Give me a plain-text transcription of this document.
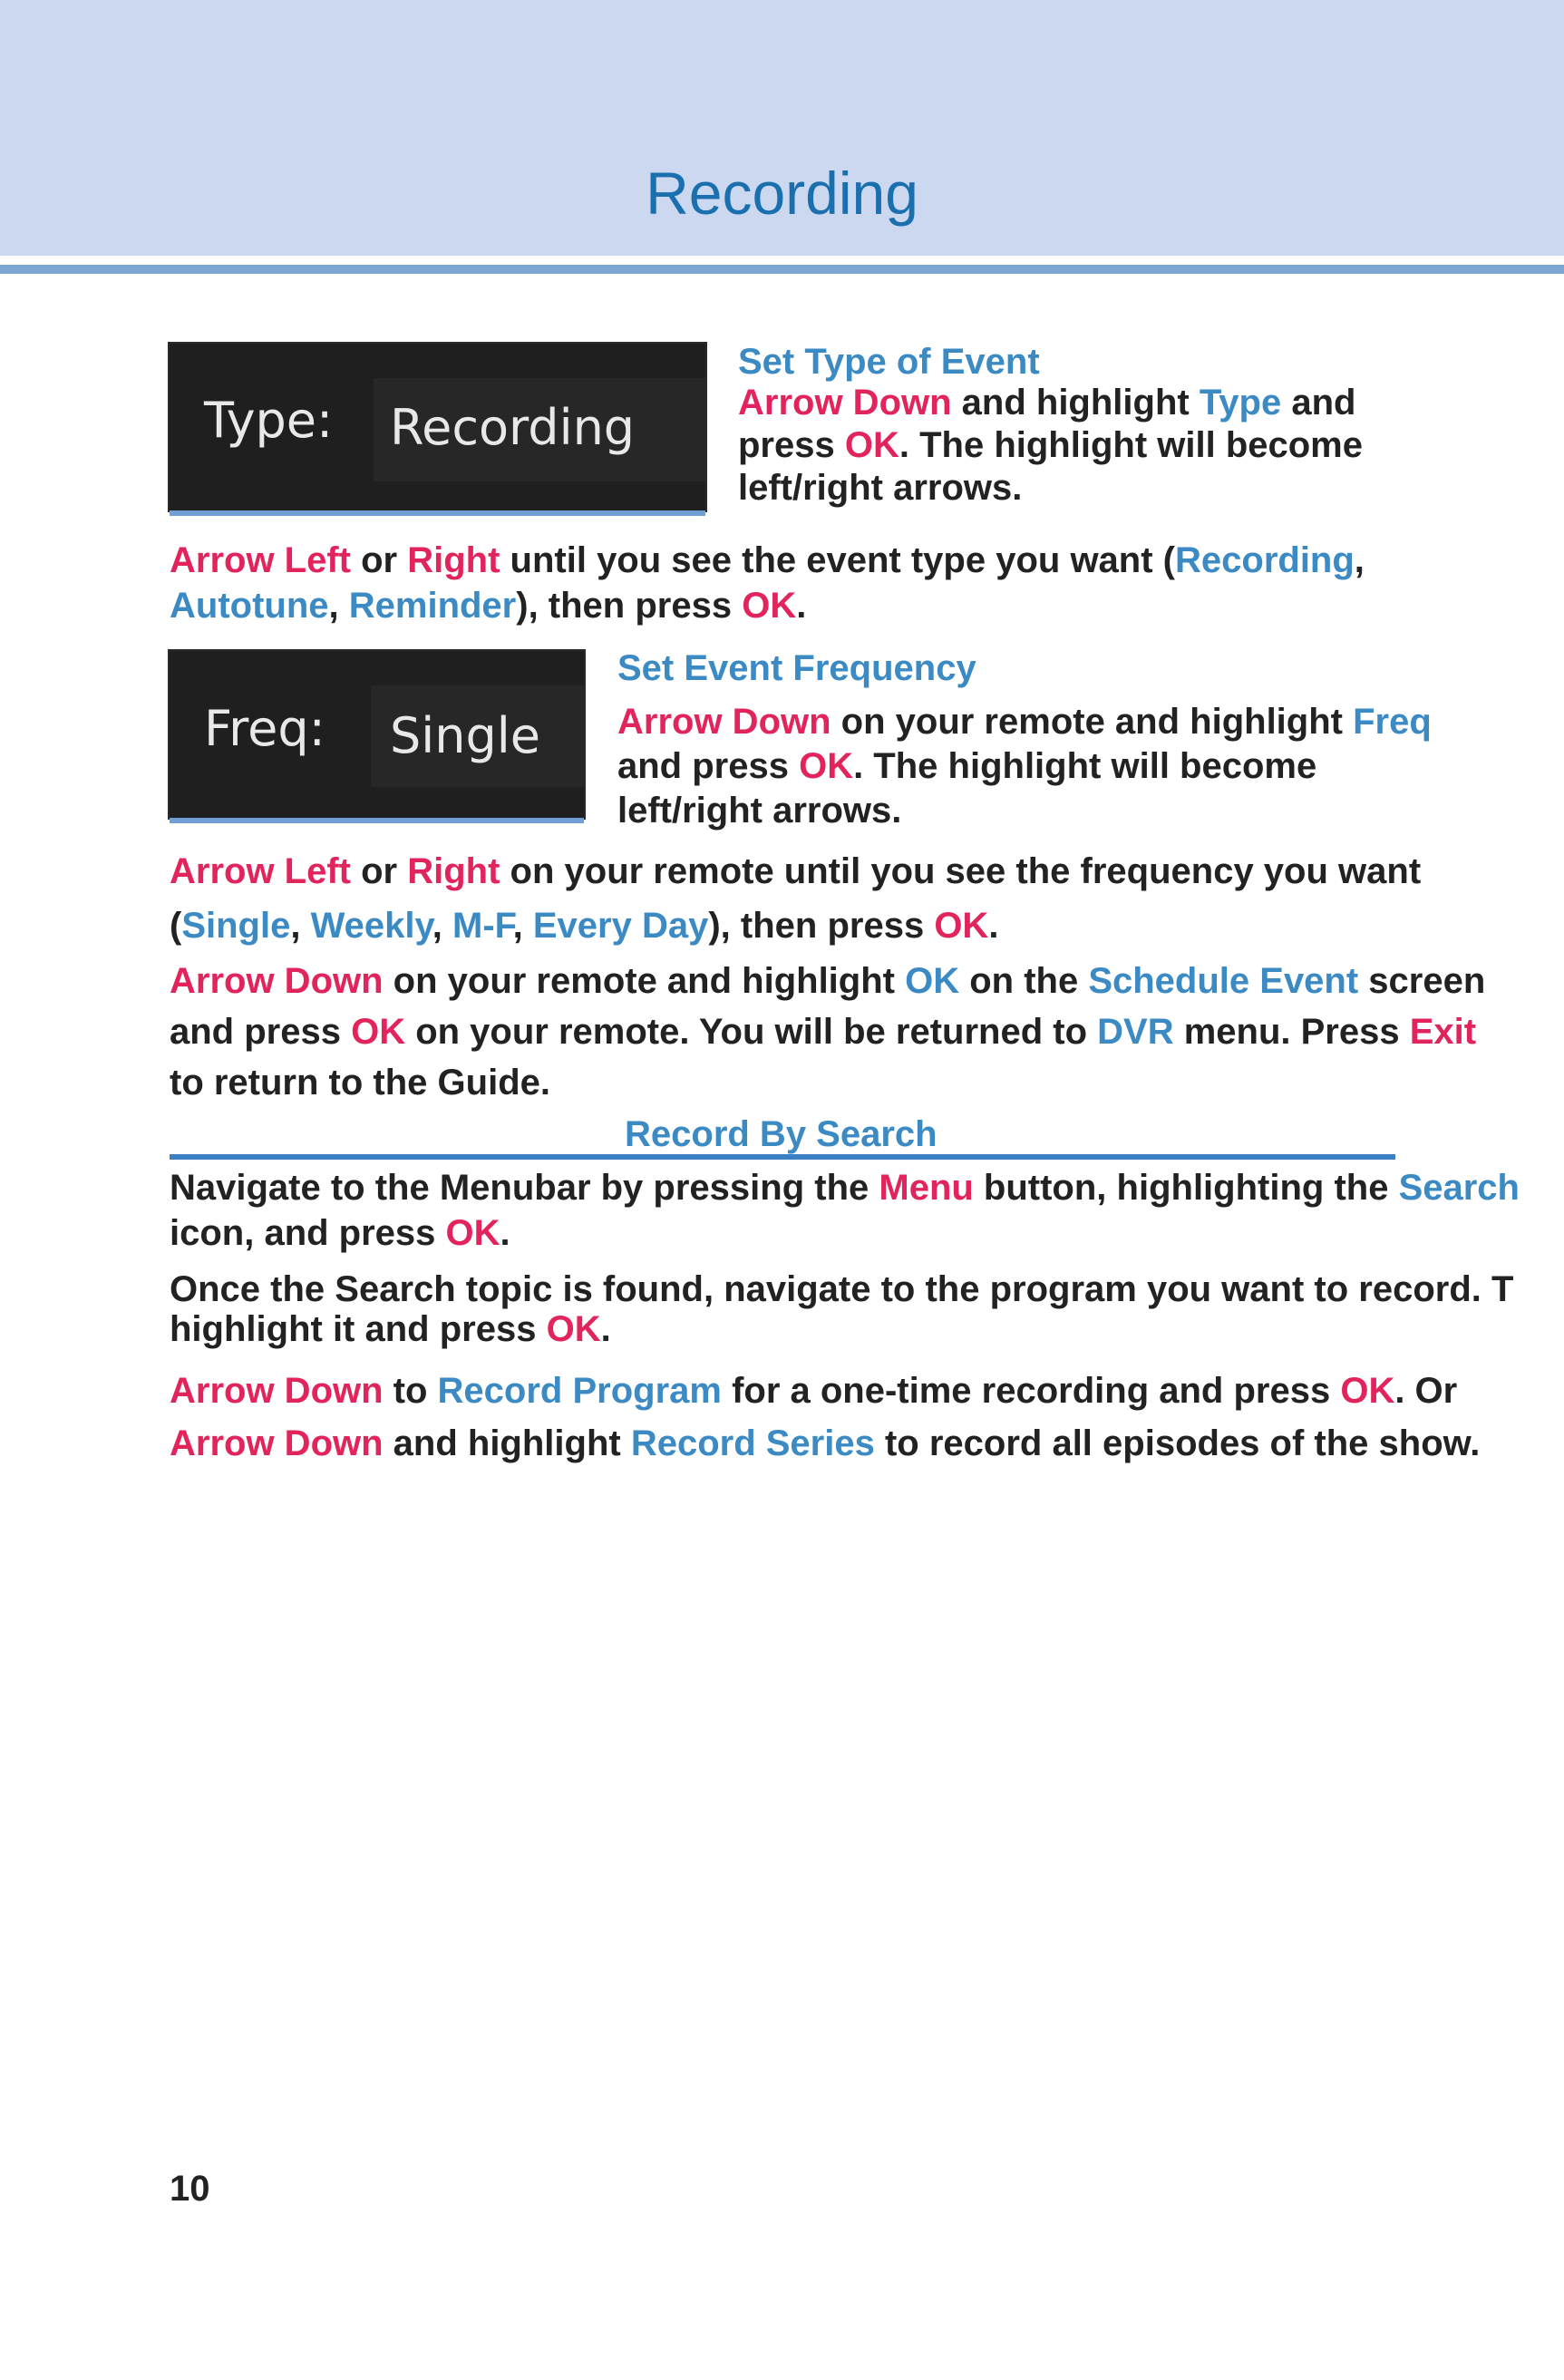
Recording
Type: Recording
Set Type of Event
Arrow Down and highlight Type and press OK. The highlight will become left/right arrows.
Arrow Left or Right until you see the event type you want (Recording, Autotune, Reminder), then press OK.
Freq: Single
Set Event Frequency
Arrow Down on your remote and highlight Freq and press OK. The highlight will become left/right arrows.
Arrow Left or Right on your remote until you see the frequency you want (Single, Weekly, M-F, Every Day), then press OK.
Arrow Down on your remote and highlight OK on the Schedule Event screen and press OK on your remote. You will be returned to DVR menu. Press Exit to return to the Guide.
Record By Search
Navigate to the Menubar by pressing the Menu button, highlighting the Search
icon, and press OK.
Once the Search topic is found, navigate to the program you want to record. T highlight it and press OK.
Arrow Down to Record Program for a one-time recording and press OK. Or Arrow Down and highlight Record Series to record all episodes of the show.
10
